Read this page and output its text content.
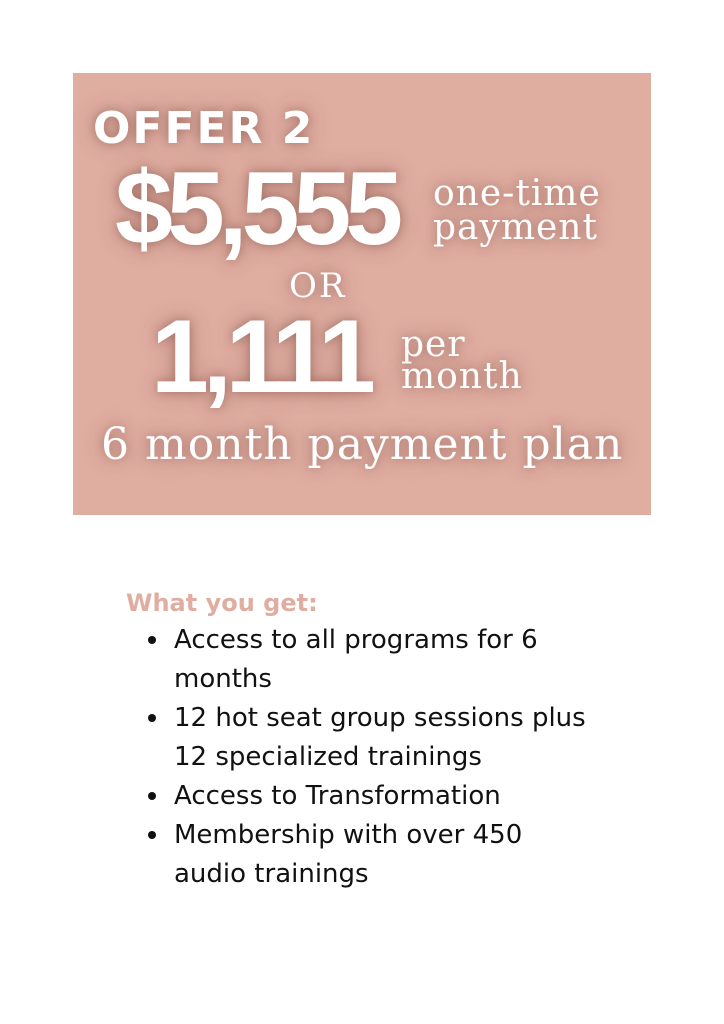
OFFER 2
$5,555 one-time
payment
OR
1,111 per
month
6 month payment plan
What you get:
Access to all programs for 6
months
12 hot seat group sessions plus
12 specialized trainings
Access to Transformation
Membership with over 450
audio trainings
